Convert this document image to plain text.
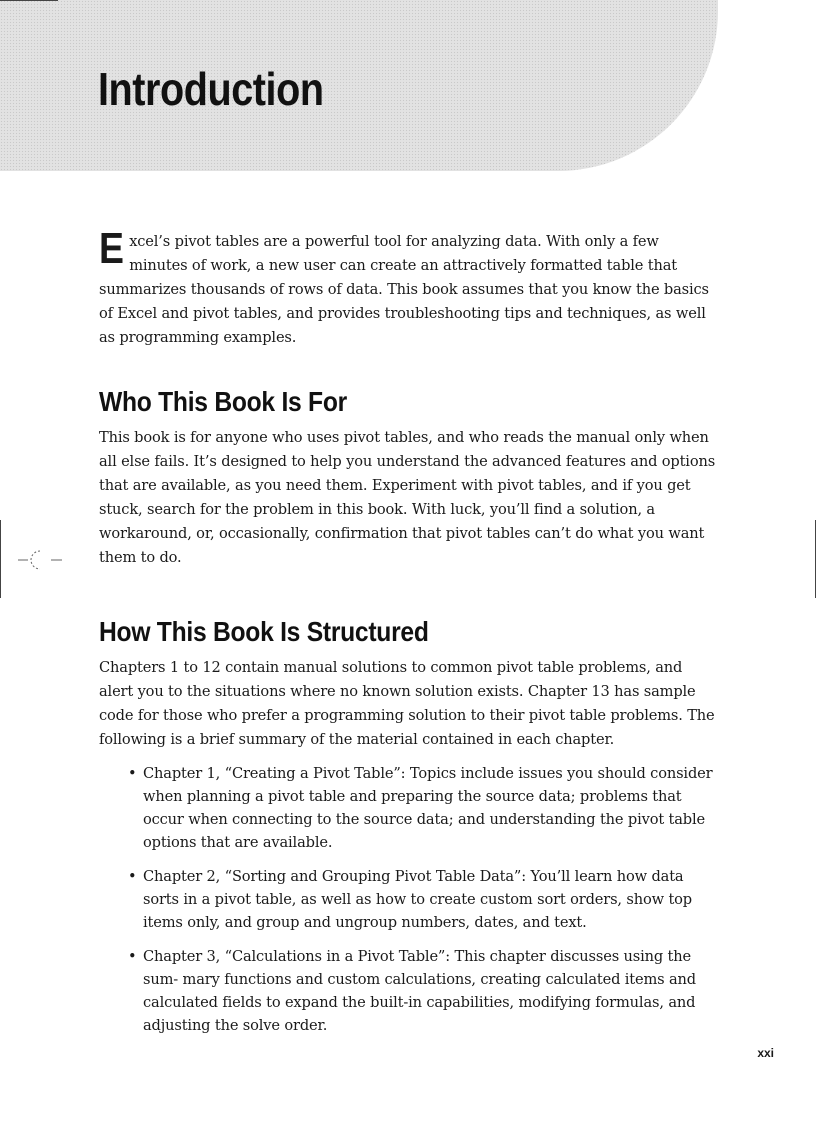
Introduction

Excel’s pivot tables are a powerful tool for analyzing data. With only a few minutes of work, a new user can create an attractively formatted table that summarizes thousands of rows of data. This book assumes that you know the basics of Excel and pivot tables, and provides troubleshooting tips and techniques, as well as programming examples.

Who This Book Is For

This book is for anyone who uses pivot tables, and who reads the manual only when all else fails. It’s designed to help you understand the advanced features and options that are available, as you need them. Experiment with pivot tables, and if you get stuck, search for the problem in this book. With luck, you’ll find a solution, a workaround, or, occasionally, confirmation that pivot tables can’t do what you want them to do.

How This Book Is Structured

Chapters 1 to 12 contain manual solutions to common pivot table problems, and alert you to the situations where no known solution exists. Chapter 13 has sample code for those who prefer a programming solution to their pivot table problems. The following is a brief summary of the material contained in each chapter.

• Chapter 1, “Creating a Pivot Table”: Topics include issues you should consider when planning a pivot table and preparing the source data; problems that occur when connecting to the source data; and understanding the pivot table options that are available.
• Chapter 2, “Sorting and Grouping Pivot Table Data”: You’ll learn how data sorts in a pivot table, as well as how to create custom sort orders, show top items only, and group and ungroup numbers, dates, and text.
• Chapter 3, “Calculations in a Pivot Table”: This chapter discusses using the sum- mary functions and custom calculations, creating calculated items and calculated fields to expand the built-in capabilities, modifying formulas, and adjusting the solve order.
xxi
